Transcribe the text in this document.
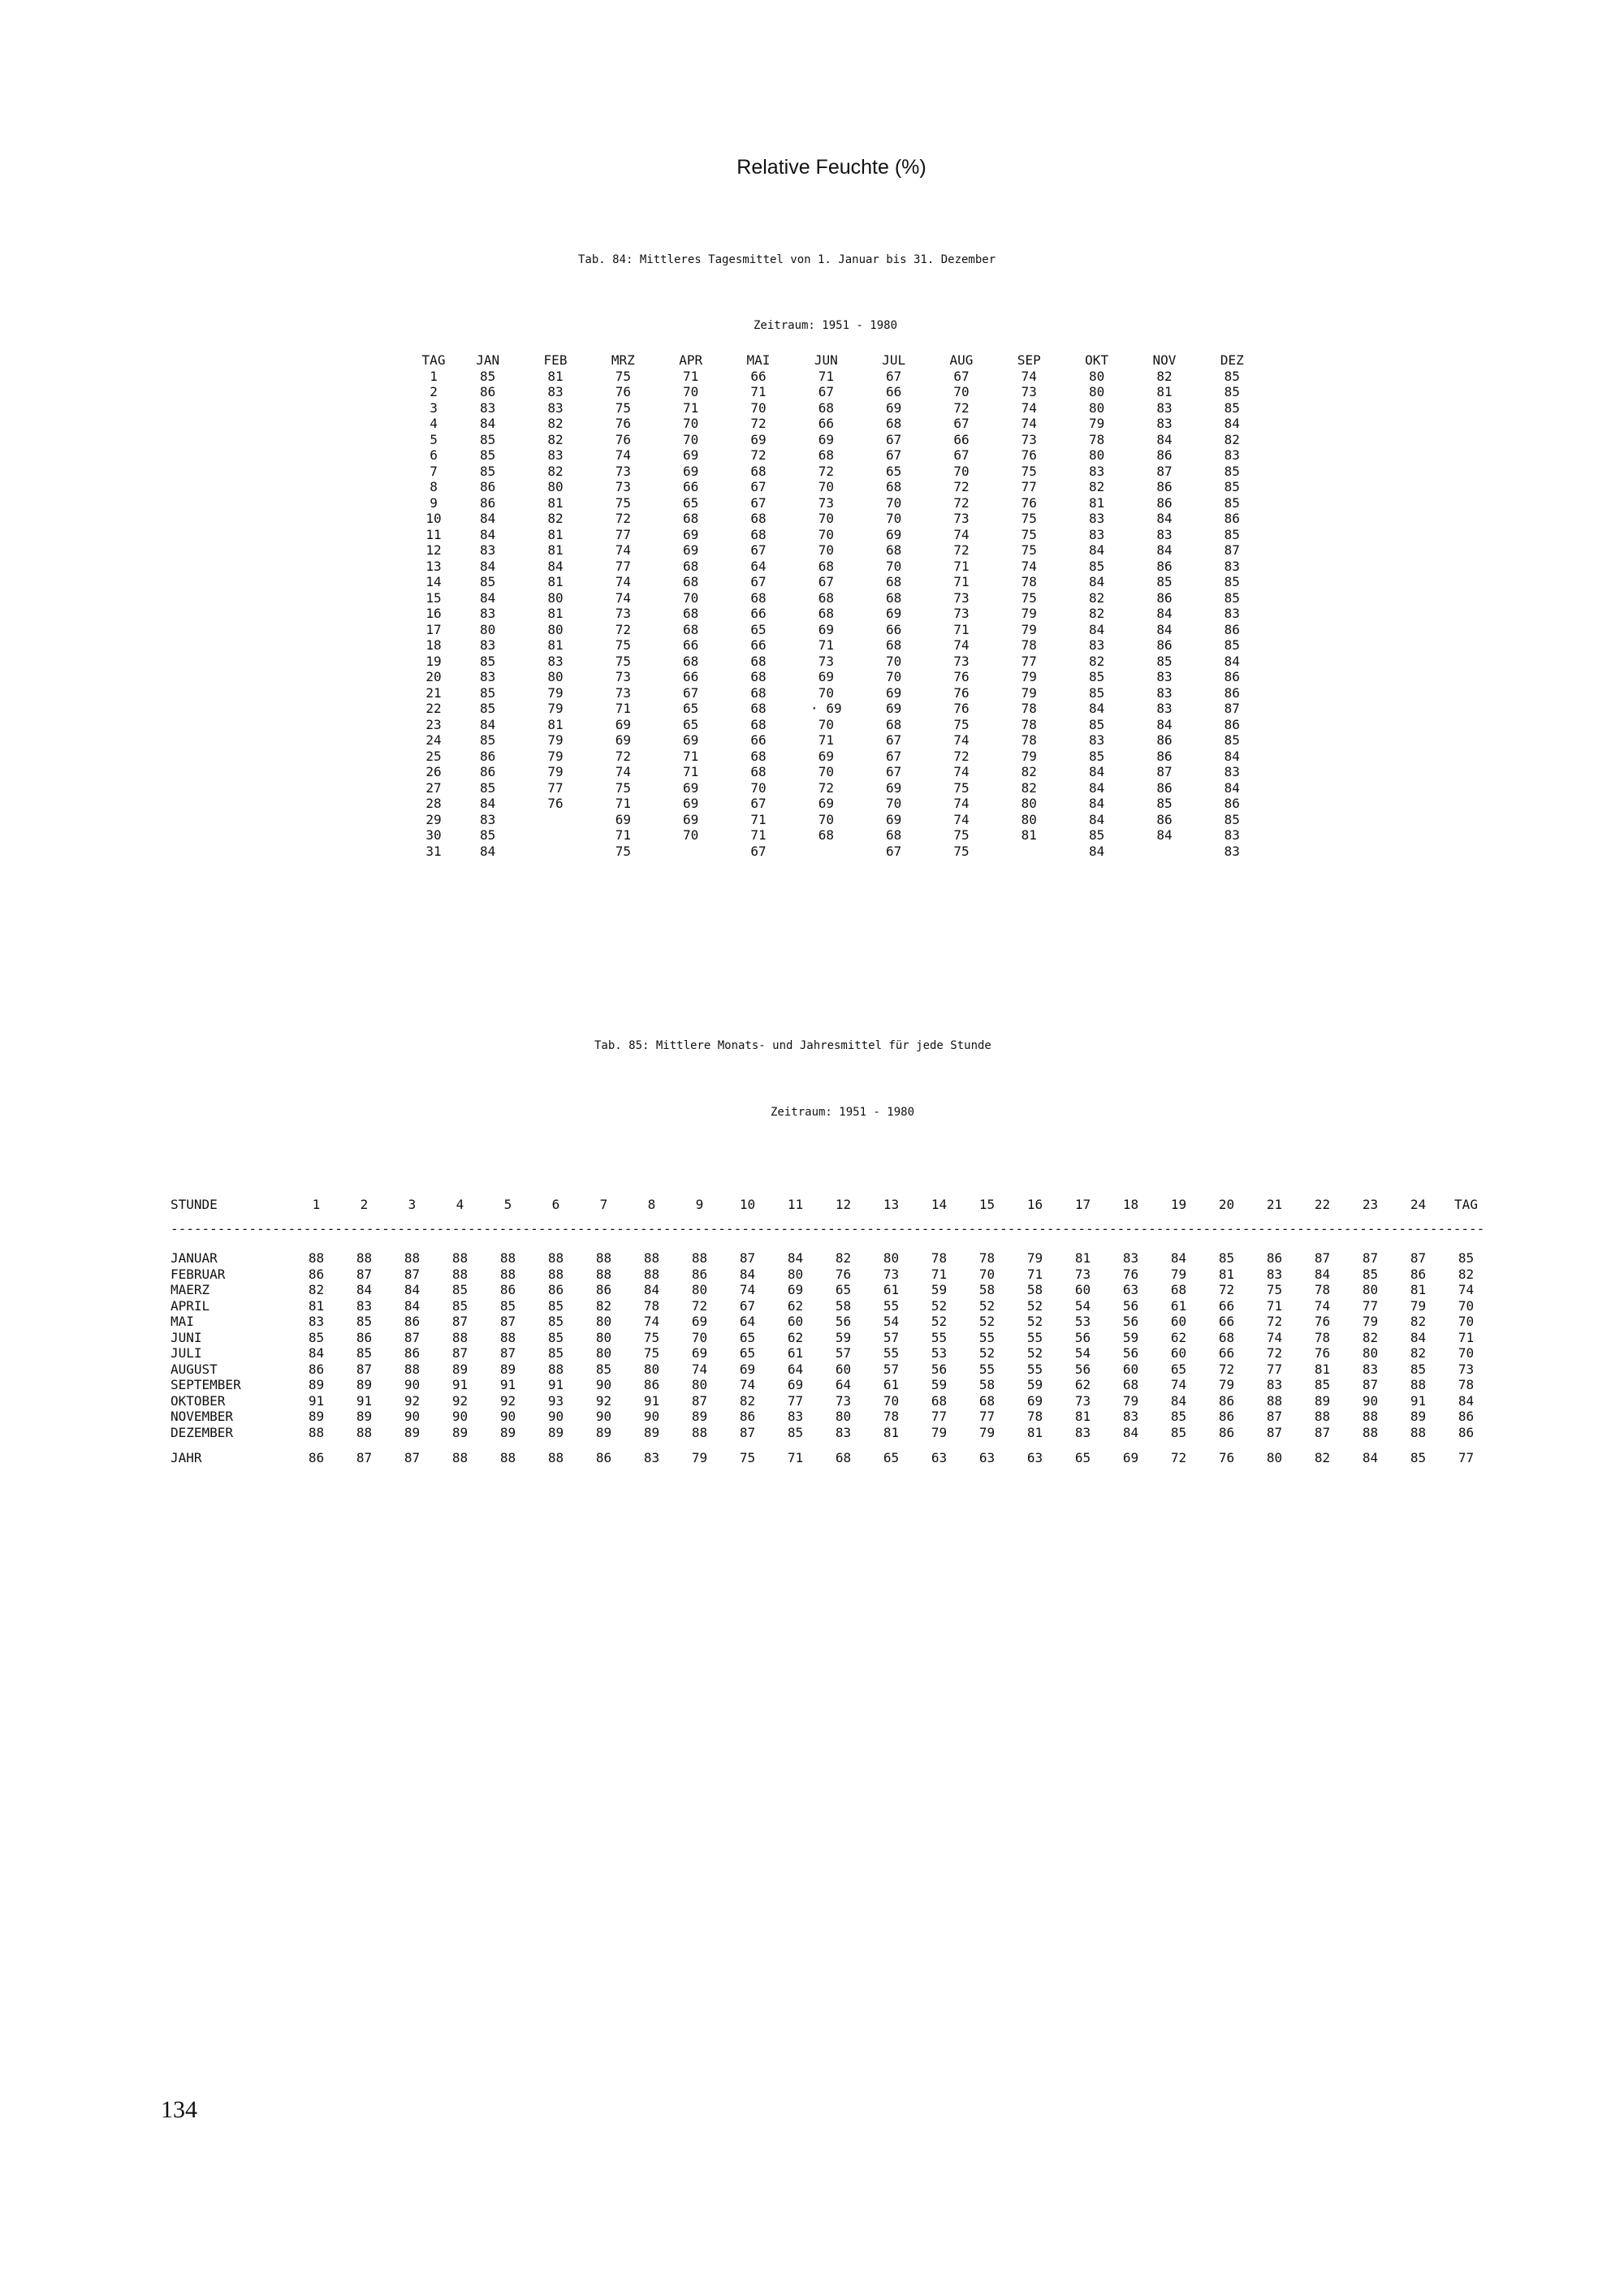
Relative Feuchte (%)
Tab. 84: Mittleres Tagesmittel von 1. Januar bis 31. Dezember
Zeitraum: 1951 - 1980
TAG	JAN	FEB	MRZ	APR	MAI	JUN	JUL	AUG	SEP	OKT	NOV	DEZ
1	85	81	75	71	66	71	67	67	74	80	82	85
2	86	83	76	70	71	67	66	70	73	80	81	85
3	83	83	75	71	70	68	69	72	74	80	83	85
4	84	82	76	70	72	66	68	67	74	79	83	84
5	85	82	76	70	69	69	67	66	73	78	84	82
6	85	83	74	69	72	68	67	67	76	80	86	83
7	85	82	73	69	68	72	65	70	75	83	87	85
8	86	80	73	66	67	70	68	72	77	82	86	85
9	86	81	75	65	67	73	70	72	76	81	86	85
10	84	82	72	68	68	70	70	73	75	83	84	86
11	84	81	77	69	68	70	69	74	75	83	83	85
12	83	81	74	69	67	70	68	72	75	84	84	87
13	84	84	77	68	64	68	70	71	74	85	86	83
14	85	81	74	68	67	67	68	71	78	84	85	85
15	84	80	74	70	68	68	68	73	75	82	86	85
16	83	81	73	68	66	68	69	73	79	82	84	83
17	80	80	72	68	65	69	66	71	79	84	84	86
18	83	81	75	66	66	71	68	74	78	83	86	85
19	85	83	75	68	68	73	70	73	77	82	85	84
20	83	80	73	66	68	69	70	76	79	85	83	86
21	85	79	73	67	68	70	69	76	79	85	83	86
22	85	79	71	65	68	· 69	69	76	78	84	83	87
23	84	81	69	65	68	70	68	75	78	85	84	86
24	85	79	69	69	66	71	67	74	78	83	86	85
25	86	79	72	71	68	69	67	72	79	85	86	84
26	86	79	74	71	68	70	67	74	82	84	87	83
27	85	77	75	69	70	72	69	75	82	84	86	84
28	84	76	71	69	67	69	70	74	80	84	85	86
29	83		69	69	71	70	69	74	80	84	86	85
30	85		71	70	71	68	68	75	81	85	84	83
31	84		75		67		67	75		84		83
Tab. 85: Mittlere Monats- und Jahresmittel für jede Stunde
Zeitraum: 1951 - 1980
STUNDE	1	2	3	4	5	6	7	8	9	10	11	12	13	14	15	16	17	18	19	20	21	22	23	24	TAG
------------------------------------------------------------------------------------------------------------------------------------------------------------------------																									
JANUAR	88	88	88	88	88	88	88	88	88	87	84	82	80	78	78	79	81	83	84	85	86	87	87	87	85
FEBRUAR	86	87	87	88	88	88	88	88	86	84	80	76	73	71	70	71	73	76	79	81	83	84	85	86	82
MAERZ	82	84	84	85	86	86	86	84	80	74	69	65	61	59	58	58	60	63	68	72	75	78	80	81	74
APRIL	81	83	84	85	85	85	82	78	72	67	62	58	55	52	52	52	54	56	61	66	71	74	77	79	70
MAI	83	85	86	87	87	85	80	74	69	64	60	56	54	52	52	52	53	56	60	66	72	76	79	82	70
JUNI	85	86	87	88	88	85	80	75	70	65	62	59	57	55	55	55	56	59	62	68	74	78	82	84	71
JULI	84	85	86	87	87	85	80	75	69	65	61	57	55	53	52	52	54	56	60	66	72	76	80	82	70
AUGUST	86	87	88	89	89	88	85	80	74	69	64	60	57	56	55	55	56	60	65	72	77	81	83	85	73
SEPTEMBER	89	89	90	91	91	91	90	86	80	74	69	64	61	59	58	59	62	68	74	79	83	85	87	88	78
OKTOBER	91	91	92	92	92	93	92	91	87	82	77	73	70	68	68	69	73	79	84	86	88	89	90	91	84
NOVEMBER	89	89	90	90	90	90	90	90	89	86	83	80	78	77	77	78	81	83	85	86	87	88	88	89	86
DEZEMBER	88	88	89	89	89	89	89	89	88	87	85	83	81	79	79	81	83	84	85	86	87	87	88	88	86

JAHR	86	87	87	88	88	88	86	83	79	75	71	68	65	63	63	63	65	69	72	76	80	82	84	85	77
134
